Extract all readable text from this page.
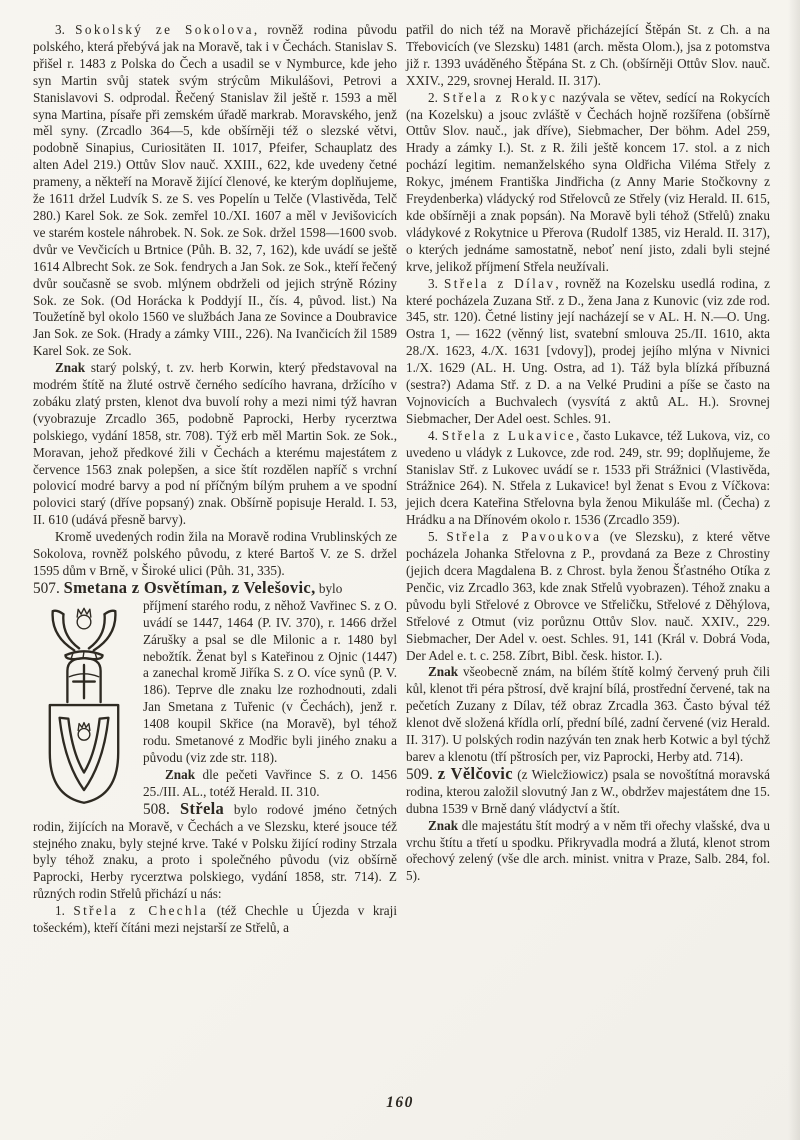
3. Sokolský ze Sokolova, rovněž rodina původu polského, která přebývá jak na Moravě, tak i v Čechách. Stanislav S. přišel r. 1483 z Polska do Čech a usadil se v Nymburce, kde jeho syn Martin svůj statek svým strýcům Mikulášovi, Petrovi a Stanislavovi S. odprodal. Řečený Stanislav žil ještě r. 1593 a měl syna Martina, písaře při zemském úřadě markrab. Moravského, jenž měl syny. (Zrcadlo 364—5, kde obšírněji též o slezské větvi, podobně Sinapius, Curiositäten II. 1017, Pfeifer, Schauplatz des alten Adel 219.) Ottův Slov nauč. XXIII., 622, kde uvedeny četné prameny, a někteří na Moravě žijící členové, ke kterým doplňujeme, že 1611 držel Ludvík S. ze S. ves Popelín u Telče (Vlastivěda, Telč 280.) Karel Sok. ze Sok. zemřel 10./XI. 1607 a měl v Jevišovicích ve starém kostele náhrobek. N. Sok. ze Sok. držel 1598—1600 svob. dvůr ve Vevčicích u Brtnice (Půh. B. 32, 7, 162), kde uvádí se ještě 1614 Albrecht Sok. ze Sok. fendrych a Jan Sok. ze Sok., kteří řečený dvůr současně se svob. mlýnem obdrželi od jejich strýně Róziny Sok. ze Sok. (Od Horácka k Poddyjí II., čís. 4, původ. list.) Na Toužetíně byl okolo 1560 ve službách Jana ze Sovince a Doubravice Jan Sok. ze Sok. (Hrady a zámky VIII., 226). Na Ivančicích žil 1589 Karel Sok. ze Sok.

Znak starý polský, t. zv. herb Korwin, který představoval na modrém štítě na žluté ostrvě černého sedícího havrana, držícího v zobáku zlatý prsten, klenot dva buvolí rohy a mezi nimi týž havran (vyobrazuje Zrcadlo 365, podobně Paprocki, Herby rycerztwa polskiego, vydání 1858, str. 708). Týž erb měl Martin Sok. ze Sok., Moravan, jehož předkové žili v Čechách a kterému majestátem z července 1563 znak polepšen, a sice štít rozdělen napříč s vrchní polovicí modré barvy a pod ní příčným bílým pruhem a ve spodní polovici starý (dříve popsaný) znak. Obšírně popisuje Herald. I. 53, II. 610 (udává přesně barvy).

Kromě uvedených rodin žila na Moravě rodina Vrublinských ze Sokolova, rovněž polského původu, z které Bartoš V. ze S. držel 1595 dům v Brně, v Široké ulici (Půh. 31, 335).

507. Smetana z Osvětíman, z Velešovic, bylo

příjmení starého rodu, z něhož Vavřinec S. z O. uvádí se 1447, 1464 (P. IV. 370), r. 1466 držel Zárušky a psal se dle Milonic a r. 1480 byl nebožtík. Ženat byl s Kateřinou z Ojnic (1447) a zanechal kromě Jiříka S. z O. více synů (P. V. 186). Teprve dle znaku lze rozhodnouti, zdali Jan Smetana z Tuřenic (v Čechách), jenž r. 1408 koupil Skřice (na Moravě), byl téhož rodu. Smetanové z Modřic byli jiného znaku a původu (viz zde str. 118).

Znak dle pečeti Vavřince S. z O. 1456 25./III. AL., totéž Herald. II. 310.

508. Střela bylo rodové jméno četných rodin, žijících na Moravě, v Čechách a ve Slezsku, které jsouce též stejného znaku, byly stejné krve. Také v Polsku žijící rodiny Strzala byly téhož znaku, a proto i společného původu (viz obšírně Paprocki, Herby rycerztwa polskiego, vydání 1858, str. 714). Z různých rodin Střelů přichází u nás:

1. Střela z Chechla (též Chechle u Újezda v kraji tošeckém), kteří čítáni mezi nejstarší ze Střelů, a

patřil do nich též na Moravě přicházející Štěpán St. z Ch. a na Třebovicích (ve Slezsku) 1481 (arch. města Olom.), jsa z potomstva již r. 1393 uváděného Štěpána St. z Ch. (obšírněji Ottův Slov. nauč. XXIV., 229, srovnej Herald. II. 317).

2. Střela z Rokyc nazývala se větev, sedící na Rokycích (na Kozelsku) a jsouc zvláště v Čechách hojně rozšířena (obšírně Ottův Slov. nauč., jak dříve), Siebmacher, Der böhm. Adel 259, Hrady a zámky I.). St. z R. žili ještě koncem 17. stol. a z nich pochází legitim. nemanželského syna Oldřicha Viléma Střely z Rokyc, jménem Františka Jindřicha (z Anny Marie Stočkovny z Freydenberka) vládycký rod Střelovců ze Střely (viz Herald. II. 615, kde obšírněji a znak popsán). Na Moravě byli téhož (Střelů) znaku vládykové z Rokytnice u Přerova (Rudolf 1385, viz Herald. II. 317), o kterých jednáme samostatně, neboť není jisto, zdali byli stejné krve, jelikož příjmení Střela neužívali.

3. Střela z Dílav, rovněž na Kozelsku usedlá rodina, z které pocházela Zuzana Stř. z D., žena Jana z Kunovic (viz zde rod. 345, str. 120). Četné listiny její nacházejí se v AL. H. N.—O. Ung. Ostra 1, — 1622 (věnný list, svatební smlouva 25./II. 1610, akta 28./X. 1623, 4./X. 1631 [vdovy]), prodej jejího mlýna v Nivnici 1./X. 1629 (AL. H. Ung. Ostra, ad 1). Táž byla blízká příbuzná (sestra?) Adama Stř. z D. a na Velké Prudini a píše se často na Vojnovicích a Buchvalech (vysvítá z aktů AL. H.). Srovnej Siebmacher, Der Adel oest. Schles. 91.

4. Střela z Lukavice, často Lukavce, též Lukova, viz, co uvedeno u vládyk z Lukovce, zde rod. 249, str. 99; doplňujeme, že Stanislav Stř. z Lukovec uvádí se r. 1533 při Strážnici (Vlastivěda, Strážnice 264). N. Střela z Lukavice! byl ženat s Evou z Víčkova: jejich dcera Kateřina Střelovna byla ženou Mikuláše ml. (Čecha) z Hrádku a na Dřínovém okolo r. 1536 (Zrcadlo 359).

5. Střela z Pavoukova (ve Slezsku), z které větve pocházela Johanka Střelovna z P., provdaná za Beze z Chrostiny (jejich dcera Magdalena B. z Chrost. byla ženou Šťastného Otíka z Penčic, viz Zrcadlo 363, kde znak Střelů vyobrazen). Téhož znaku a původu byli Střelové z Obrovce ve Střeličku, Střelové z Děhýlova, Střelové z Otmut (viz porůznu Ottův Slov. nauč. XXIV., 229. Siebmacher, Der Adel v. oest. Schles. 91, 141 (Král v. Dobrá Voda, Der Adel e. t. c. 258. Zíbrt, Bibl. česk. histor. I.).

Znak všeobecně znám, na bílém štítě kolmý červený pruh čili kůl, klenot tři péra pštrosí, dvě krajní bílá, prostřední červené, tak na pečetích Zuzany z Dílav, též obraz Zrcadla 363. Často býval též klenot dvě složená křídla orlí, přední bílé, zadní červené (viz Herald. II. 317). U polských rodin nazýván ten znak herb Kotwic a byl týchž barev a klenotu (tří pštrosích per, viz Paprocki, Herby atd. 714).

509. z Vělčovic (z Wielcžiowicz) psala se novoštítná moravská rodina, kterou založil slovutný Jan z W., obdržev majestátem dne 15. dubna 1539 v Brně daný vládyctví a štít.

Znak dle majestátu štít modrý a v něm tři ořechy vlašské, dva u vrchu štítu a třetí u spodku. Přikryvadla modrá a žlutá, klenot strom ořechový zelený (vše dle arch. minist. vnitra v Praze, Salb. 284, fol. 5).

160
